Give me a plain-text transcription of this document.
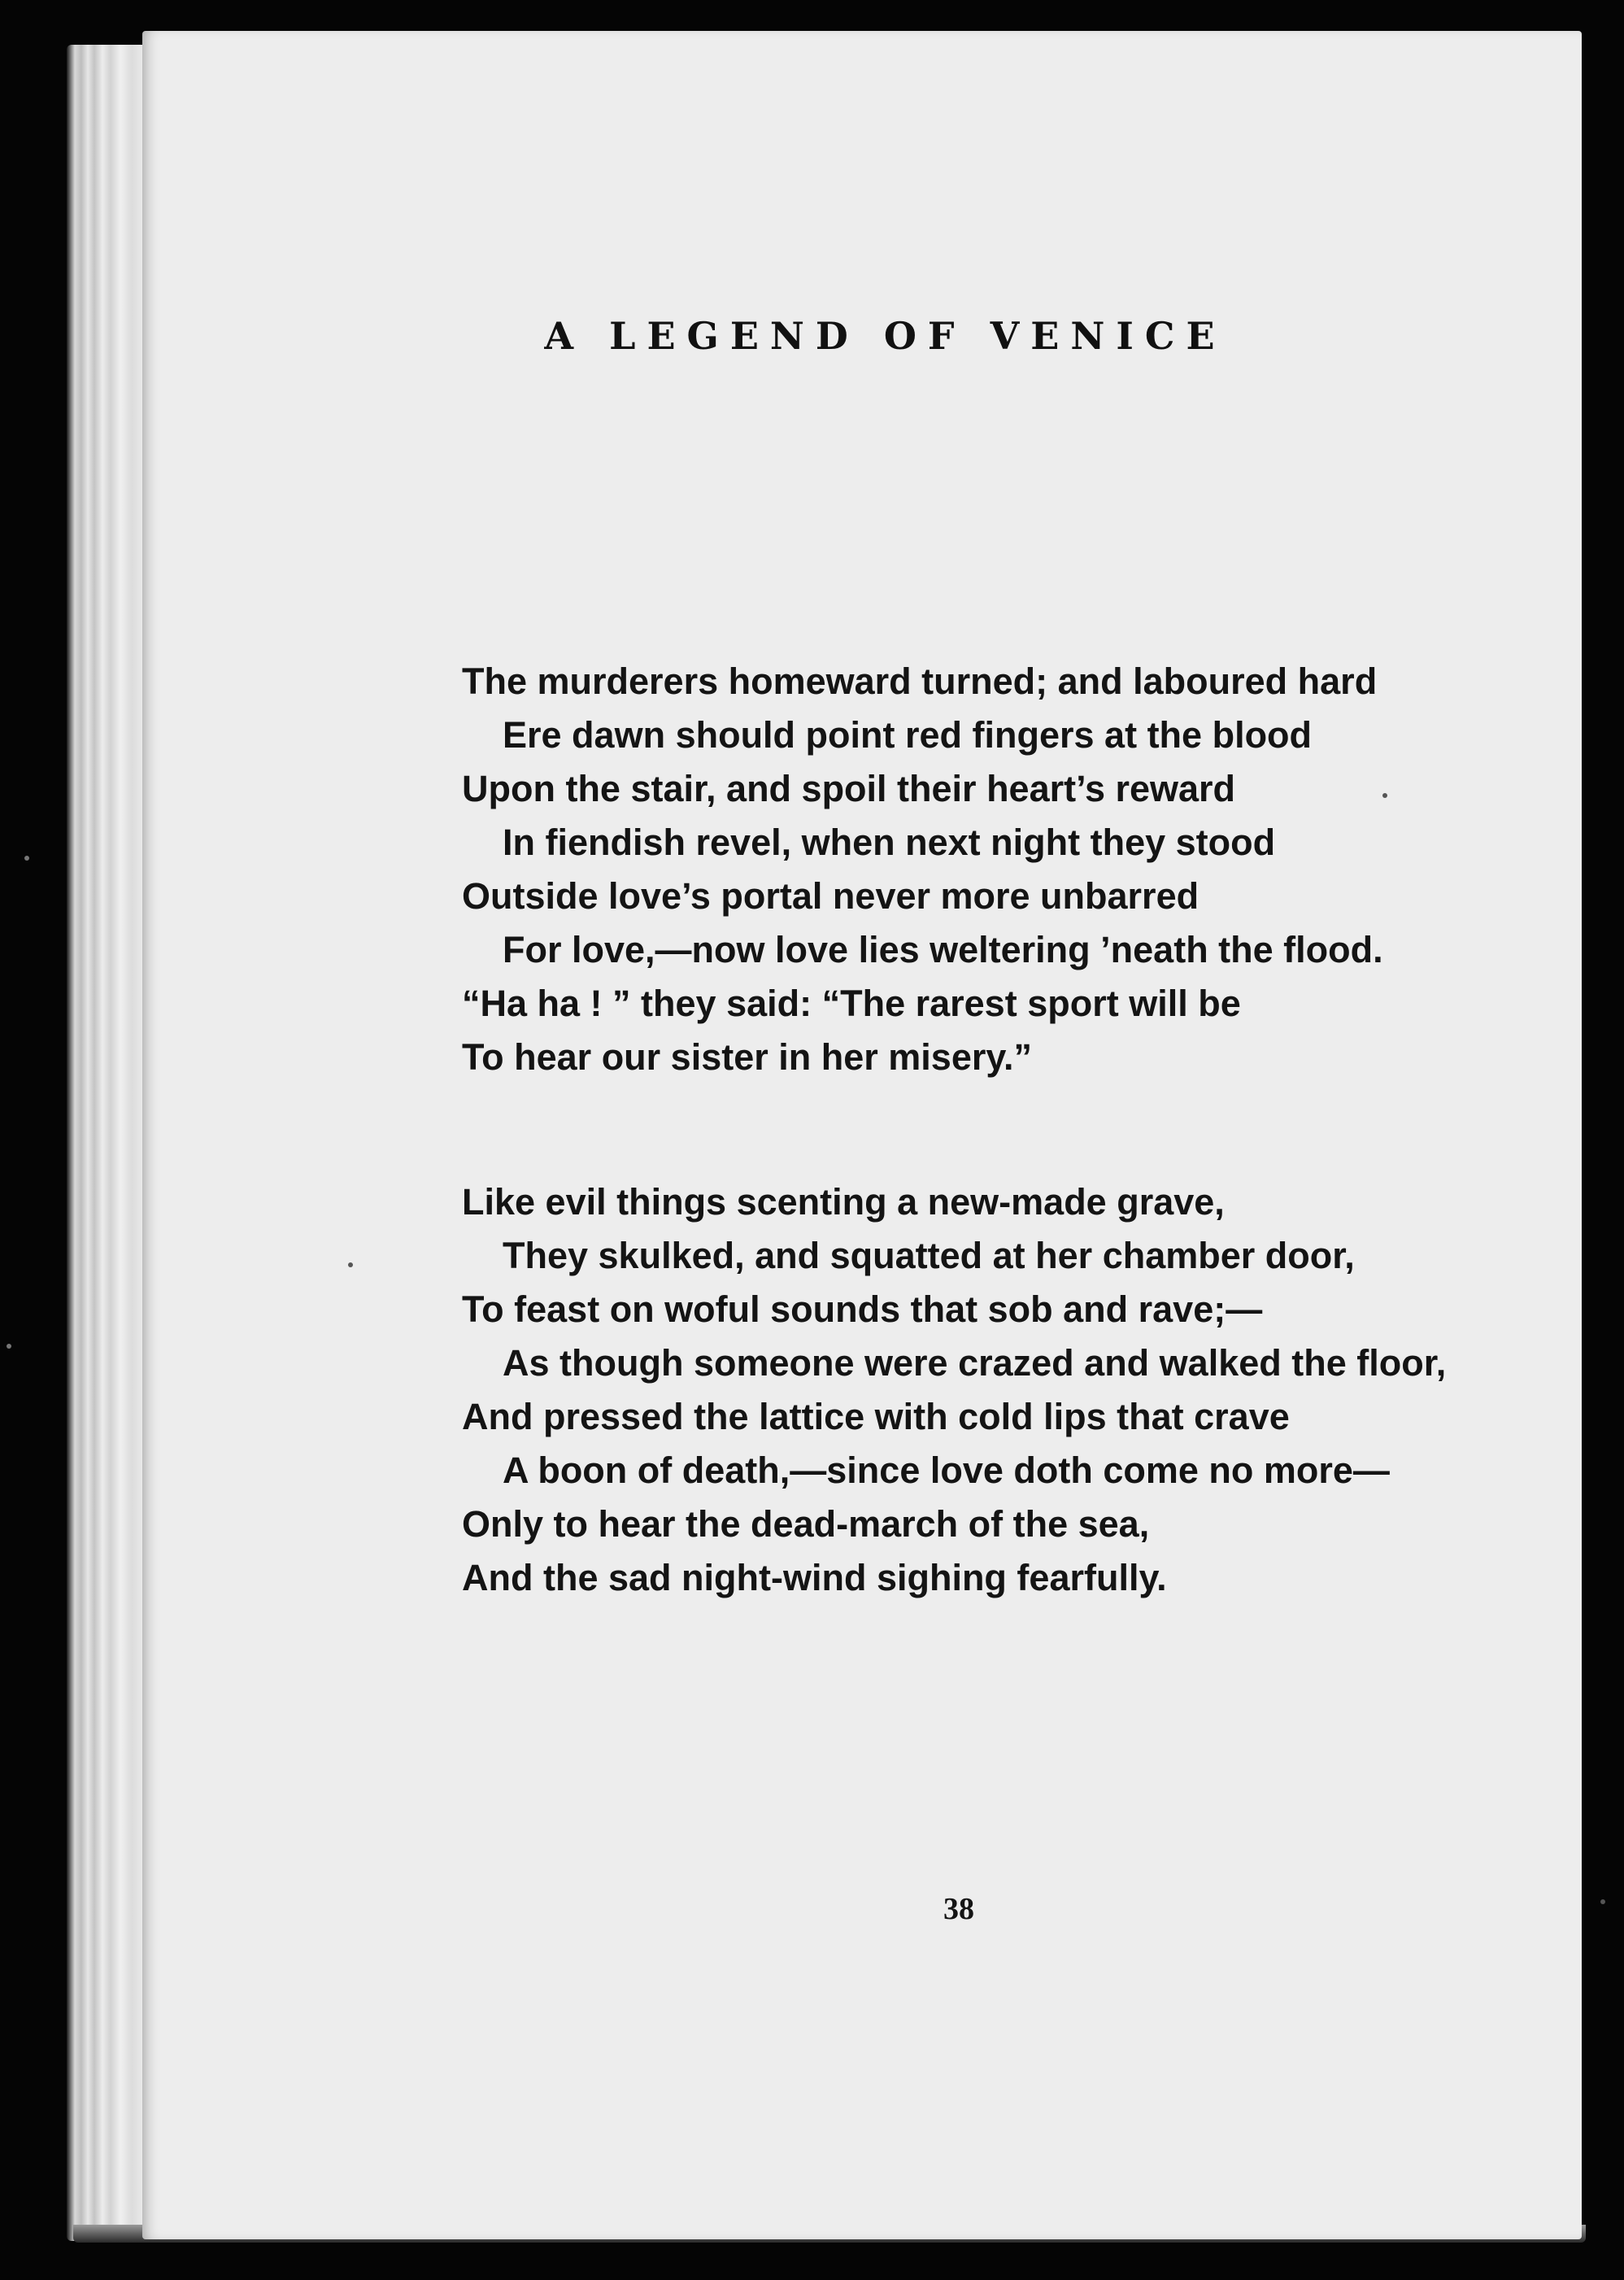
A LEGEND OF VENICE
The murderers homeward turned; and laboured hard
Ere dawn should point red fingers at the blood
Upon the stair, and spoil their heart’s reward
In fiendish revel, when next night they stood
Outside love’s portal never more unbarred
For love,—now love lies weltering ’neath the flood.
“Ha ha ! ” they said: “The rarest sport will be
To hear our sister in her misery.”
Like evil things scenting a new-made grave,
They skulked, and squatted at her chamber door,
To feast on woful sounds that sob and rave;—
As though someone were crazed and walked the floor,
And pressed the lattice with cold lips that crave
A boon of death,—since love doth come no more—
Only to hear the dead-march of the sea,
And the sad night-wind sighing fearfully.
38
